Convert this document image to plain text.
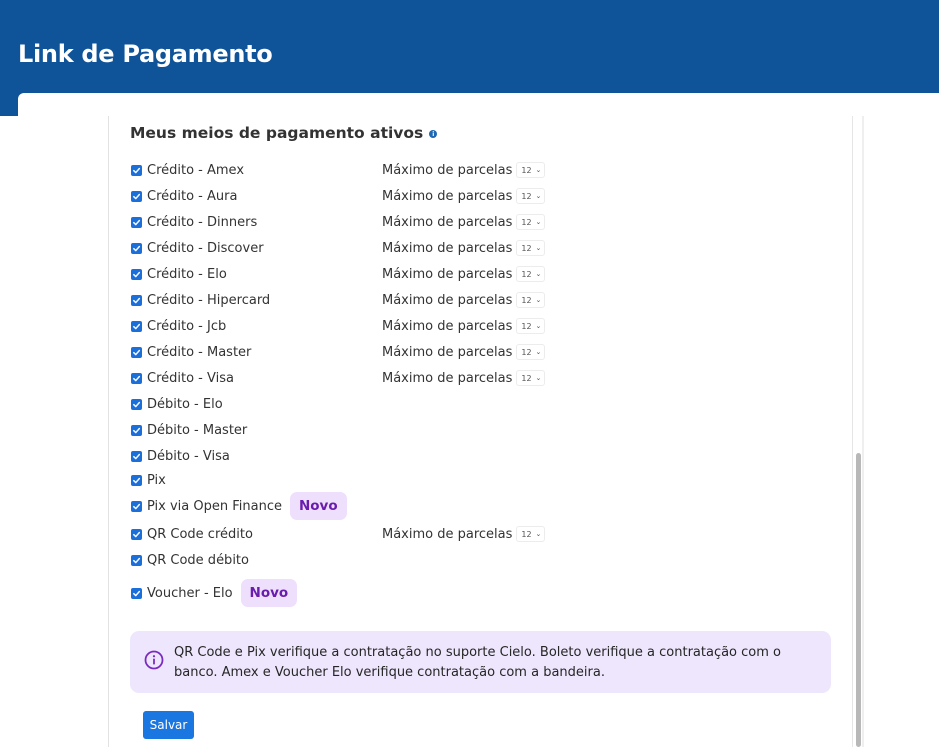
Link de Pagamento
Meus meios de pagamento ativos	i
Crédito - Amex	Máximo de parcelas 12 ⌄
Crédito - Aura	Máximo de parcelas 12 ⌄
Crédito - Dinners	Máximo de parcelas 12 ⌄
Crédito - Discover	Máximo de parcelas 12 ⌄
Crédito - Elo	Máximo de parcelas 12 ⌄
Crédito - Hipercard	Máximo de parcelas 12 ⌄
Crédito - Jcb	Máximo de parcelas 12 ⌄
Crédito - Master	Máximo de parcelas 12 ⌄
Crédito - Visa	Máximo de parcelas 12 ⌄
Débito - Elo
Débito - Master
Débito - Visa
Pix
Pix via Open Finance	Novo
QR Code crédito	Máximo de parcelas 12 ⌄
QR Code débito
Voucher - Elo	Novo
QR Code e Pix verifique a contratação no suporte Cielo. Boleto verifique a contratação com o banco. Amex e Voucher Elo verifique contratação com a bandeira.
Salvar
